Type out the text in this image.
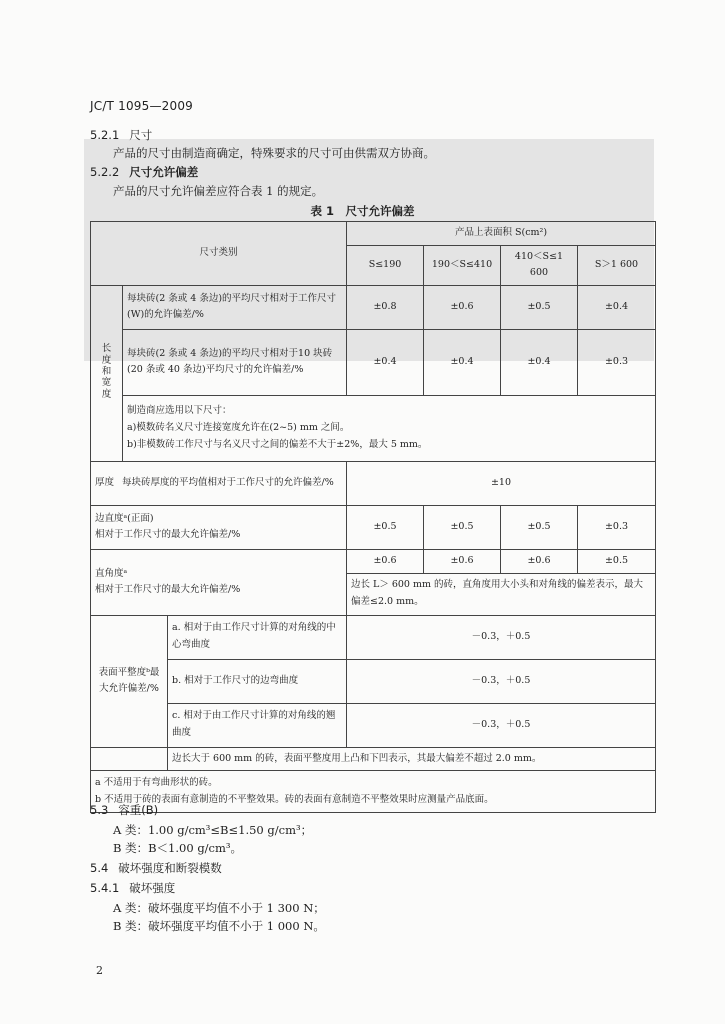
JC/T 1095—2009
5.2.1 尺寸
产品的尺寸由制造商确定，特殊要求的尺寸可由供需双方协商。
5.2.2 尺寸允许偏差
产品的尺寸允许偏差应符合表 1 的规定。
表 1　尺寸允许偏差
尺寸类别			产品上表面积 S(cm²)			
			S≤190	190＜S≤410	410＜S≤1 600	S＞1 600
长度和宽度	每块砖(2 条或 4 条边)的平均尺寸相对于工作尺寸(W)的允许偏差/%		±0.8	±0.6	±0.5	±0.4
	每块砖(2 条或 4 条边)的平均尺寸相对于10 块砖(20 条或 40 条边)平均尺寸的允许偏差/%		±0.4	±0.4	±0.4	±0.3

	制造商应选用以下尺寸：
a)模数砖名义尺寸连接宽度允许在(2~5) mm 之间。
b)非模数砖工作尺寸与名义尺寸之间的偏差不大于±2%，最大 5 mm。					

厚度 每块砖厚度的平均值相对于工作尺寸的允许偏差/%			±10			

边直度ᵃ(正面)
相对于工作尺寸的最大允许偏差/%			±0.5	±0.5	±0.5	±0.3

直角度ᵃ
相对于工作尺寸的最大允许偏差/%			±0.6	±0.6	±0.6	±0.5
			边长 L＞ 600 mm 的砖，直角度用大小头和对角线的偏差表示，最大偏差≤2.0 mm。			
表面平整度ᵇ最大允许偏差/%		a. 相对于由工作尺寸计算的对角线的中心弯曲度	－0.3，＋0.5			
		b. 相对于工作尺寸的边弯曲度	－0.3，＋0.5			
		c. 相对于由工作尺寸计算的对角线的翘曲度	－0.3，＋0.5			
		边长大于 600 mm 的砖，表面平整度用上凸和下凹表示，其最大偏差不超过 2.0 mm。				

a 不适用于有弯曲形状的砖。
b 不适用于砖的表面有意制造的不平整效果。砖的表面有意制造不平整效果时应测量产品底面。						
5.3 容重(B)
A 类：1.00 g/cm³≤B≤1.50 g/cm³；
B 类：B＜1.00 g/cm³。
5.4 破坏强度和断裂模数
5.4.1 破坏强度
A 类：破坏强度平均值不小于 1 300 N；
B 类：破坏强度平均值不小于 1 000 N。
2
